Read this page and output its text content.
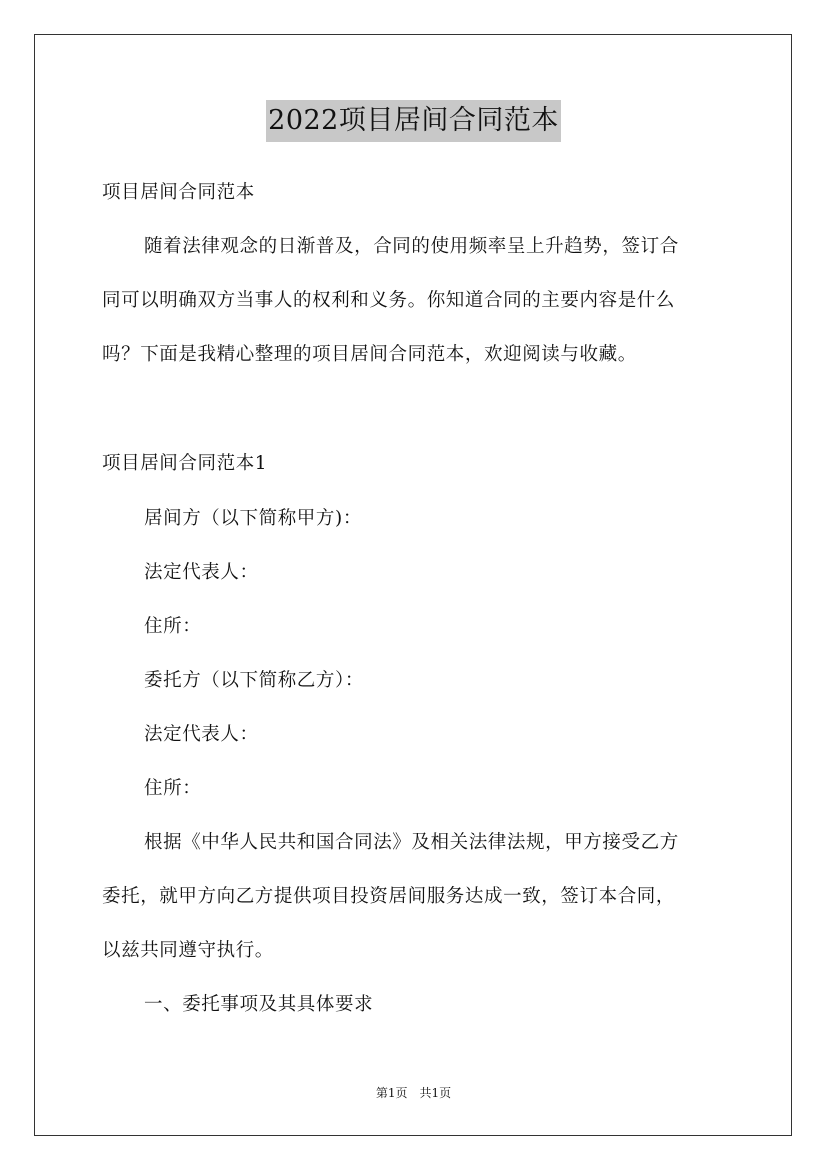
2022项目居间合同范本
项目居间合同范本
随着法律观念的日渐普及，合同的使用频率呈上升趋势，签订合
同可以明确双方当事人的权利和义务。你知道合同的主要内容是什么
吗？下面是我精心整理的项目居间合同范本，欢迎阅读与收藏。
项目居间合同范本1
居间方（以下简称甲方)：
法定代表人：
住所：
委托方（以下简称乙方）：
法定代表人：
住所：
根据《中华人民共和国合同法》及相关法律法规，甲方接受乙方
委托，就甲方向乙方提供项目投资居间服务达成一致，签订本合同，
以兹共同遵守执行。
一、委托事项及其具体要求
第1页　共1页
